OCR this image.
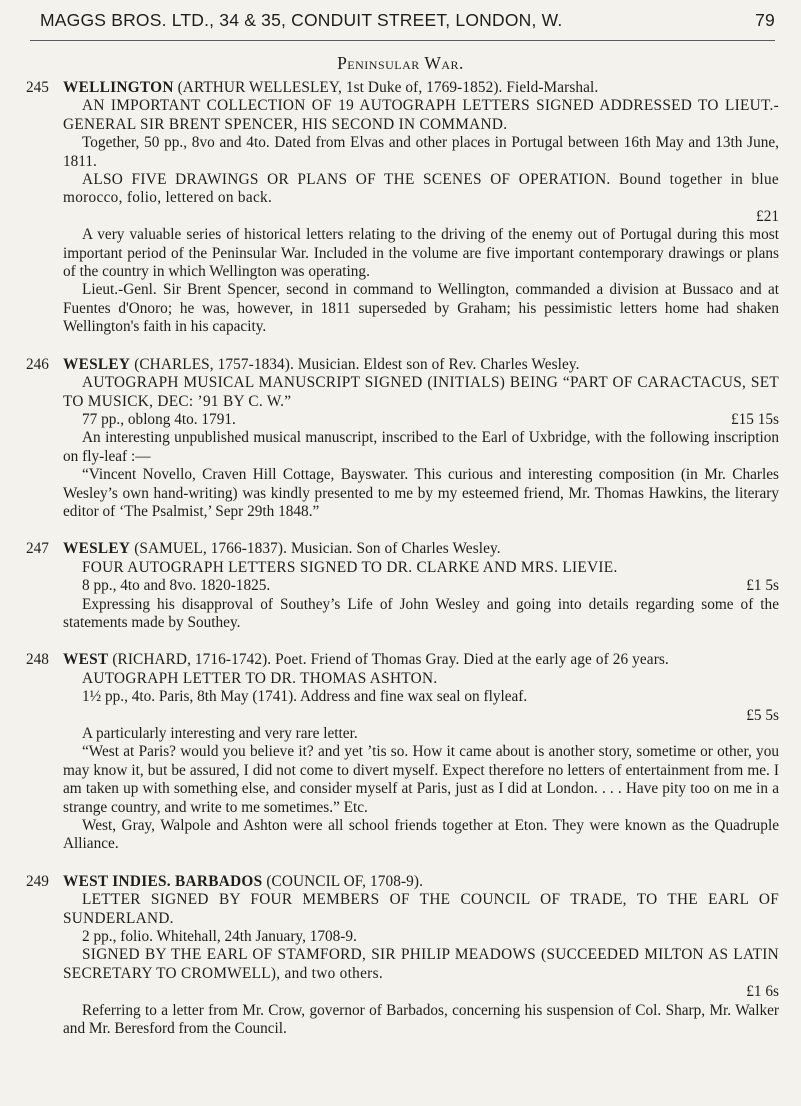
MAGGS BROS. LTD., 34 & 35, CONDUIT STREET, LONDON, W.	79
Peninsular War.
245 WELLINGTON (ARTHUR WELLESLEY, 1st Duke of, 1769-1852). Field-Marshal.

AN IMPORTANT COLLECTION OF 19 AUTOGRAPH LETTERS SIGNED ADDRESSED TO LIEUT.-GENERAL SIR BRENT SPENCER, HIS SECOND IN COMMAND.

Together, 50 pp., 8vo and 4to. Dated from Elvas and other places in Portugal between 16th May and 13th June, 1811.

ALSO FIVE DRAWINGS OR PLANS OF THE SCENES OF OPERATION. Bound together in blue morocco, folio, lettered on back.

£21

A very valuable series of historical letters relating to the driving of the enemy out of Portugal during this most important period of the Peninsular War. Included in the volume are five important contemporary drawings or plans of the country in which Wellington was operating.

Lieut.-Genl. Sir Brent Spencer, second in command to Wellington, commanded a division at Bussaco and at Fuentes d'Onoro; he was, however, in 1811 superseded by Graham; his pessimistic letters home had shaken Wellington's faith in his capacity.

246 WESLEY (CHARLES, 1757-1834). Musician. Eldest son of Rev. Charles Wesley.

AUTOGRAPH MUSICAL MANUSCRIPT SIGNED (INITIALS) BEING “PART OF CARACTACUS, SET TO MUSICK, DEC: ’91 BY C. W.”

77 pp., oblong 4to. 1791.	£15 15s

An interesting unpublished musical manuscript, inscribed to the Earl of Uxbridge, with the following inscription on fly-leaf :—

“Vincent Novello, Craven Hill Cottage, Bayswater. This curious and interesting composition (in Mr. Charles Wesley’s own hand-writing) was kindly presented to me by my esteemed friend, Mr. Thomas Hawkins, the literary editor of ‘The Psalmist,’ Sepr 29th 1848.”

247 WESLEY (SAMUEL, 1766-1837). Musician. Son of Charles Wesley.

FOUR AUTOGRAPH LETTERS SIGNED TO DR. CLARKE AND MRS. LIEVIE.

8 pp., 4to and 8vo. 1820-1825.	£1 5s

Expressing his disapproval of Southey’s Life of John Wesley and going into details regarding some of the statements made by Southey.

248 WEST (RICHARD, 1716-1742). Poet. Friend of Thomas Gray. Died at the early age of 26 years.

AUTOGRAPH LETTER TO DR. THOMAS ASHTON.

1½ pp., 4to. Paris, 8th May (1741). Address and fine wax seal on flyleaf.

£5 5s

A particularly interesting and very rare letter.

“West at Paris? would you believe it? and yet ’tis so. How it came about is another story, sometime or other, you may know it, but be assured, I did not come to divert myself. Expect therefore no letters of entertainment from me. I am taken up with something else, and consider myself at Paris, just as I did at London. . . . Have pity too on me in a strange country, and write to me sometimes.” Etc.

West, Gray, Walpole and Ashton were all school friends together at Eton. They were known as the Quadruple Alliance.

249 WEST INDIES. BARBADOS (COUNCIL OF, 1708-9).

LETTER SIGNED BY FOUR MEMBERS OF THE COUNCIL OF TRADE, TO THE EARL OF SUNDERLAND.

2 pp., folio. Whitehall, 24th January, 1708-9.

SIGNED BY THE EARL OF STAMFORD, SIR PHILIP MEADOWS (SUCCEEDED MILTON AS LATIN SECRETARY TO CROMWELL), and two others.

£1 6s

Referring to a letter from Mr. Crow, governor of Barbados, concerning his suspension of Col. Sharp, Mr. Walker and Mr. Beresford from the Council.
